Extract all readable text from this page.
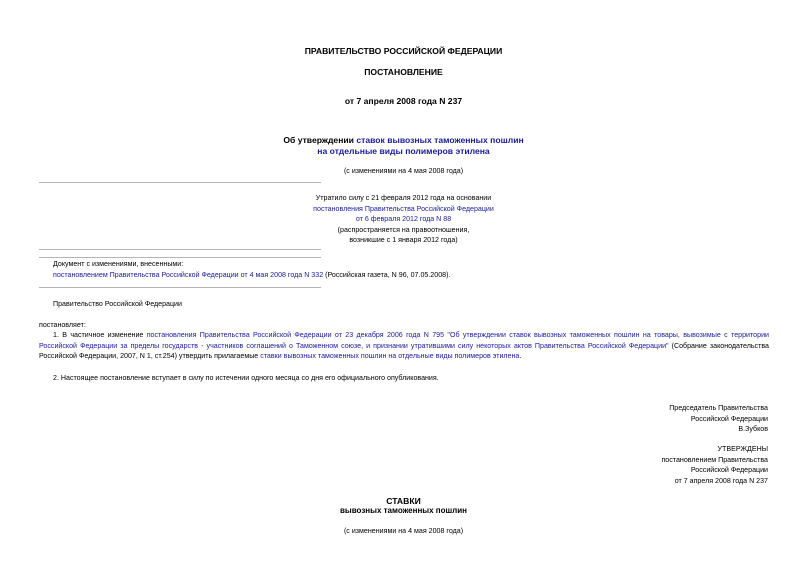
ПРАВИТЕЛЬСТВО РОССИЙСКОЙ ФЕДЕРАЦИИ
ПОСТАНОВЛЕНИЕ
от 7 апреля 2008 года N 237
Об утверждении ставок вывозных таможенных пошлин
на отдельные виды полимеров этилена
(с изменениями на 4 мая 2008 года)
Утратило силу с 21 февраля 2012 года на основании
постановления Правительства Российской Федерации
от 6 февраля 2012 года N 88
(распространяется на правоотношения,
возникшие с 1 января 2012 года)
Документ с изменениями, внесенными:
постановлением Правительства Российской Федерации от 4 мая 2008 года N 332 (Российская газета, N 96, 07.05.2008).
Правительство Российской Федерации
постановляет:
1. В частичное изменение постановления Правительства Российской Федерации от 23 декабря 2006 года N 795 "Об утверждении ставок вывозных таможенных пошлин на товары, вывозимые с территории Российской Федерации за пределы государств - участников соглашений о Таможенном союзе, и признании утратившими силу некоторых актов Правительства Российской Федерации" (Собрание законодательства Российской Федерации, 2007, N 1, ст.254) утвердить прилагаемые ставки вывозных таможенных пошлин на отдельные виды полимеров этилена.
2. Настоящее постановление вступает в силу по истечении одного месяца со дня его официального опубликования.
Председатель Правительства
Российской Федерации
В.Зубков
УТВЕРЖДЕНЫ
постановлением Правительства
Российской Федерации
от 7 апреля 2008 года N 237
СТАВКИ
вывозных таможенных пошлин
(с изменениями на 4 мая 2008 года)
